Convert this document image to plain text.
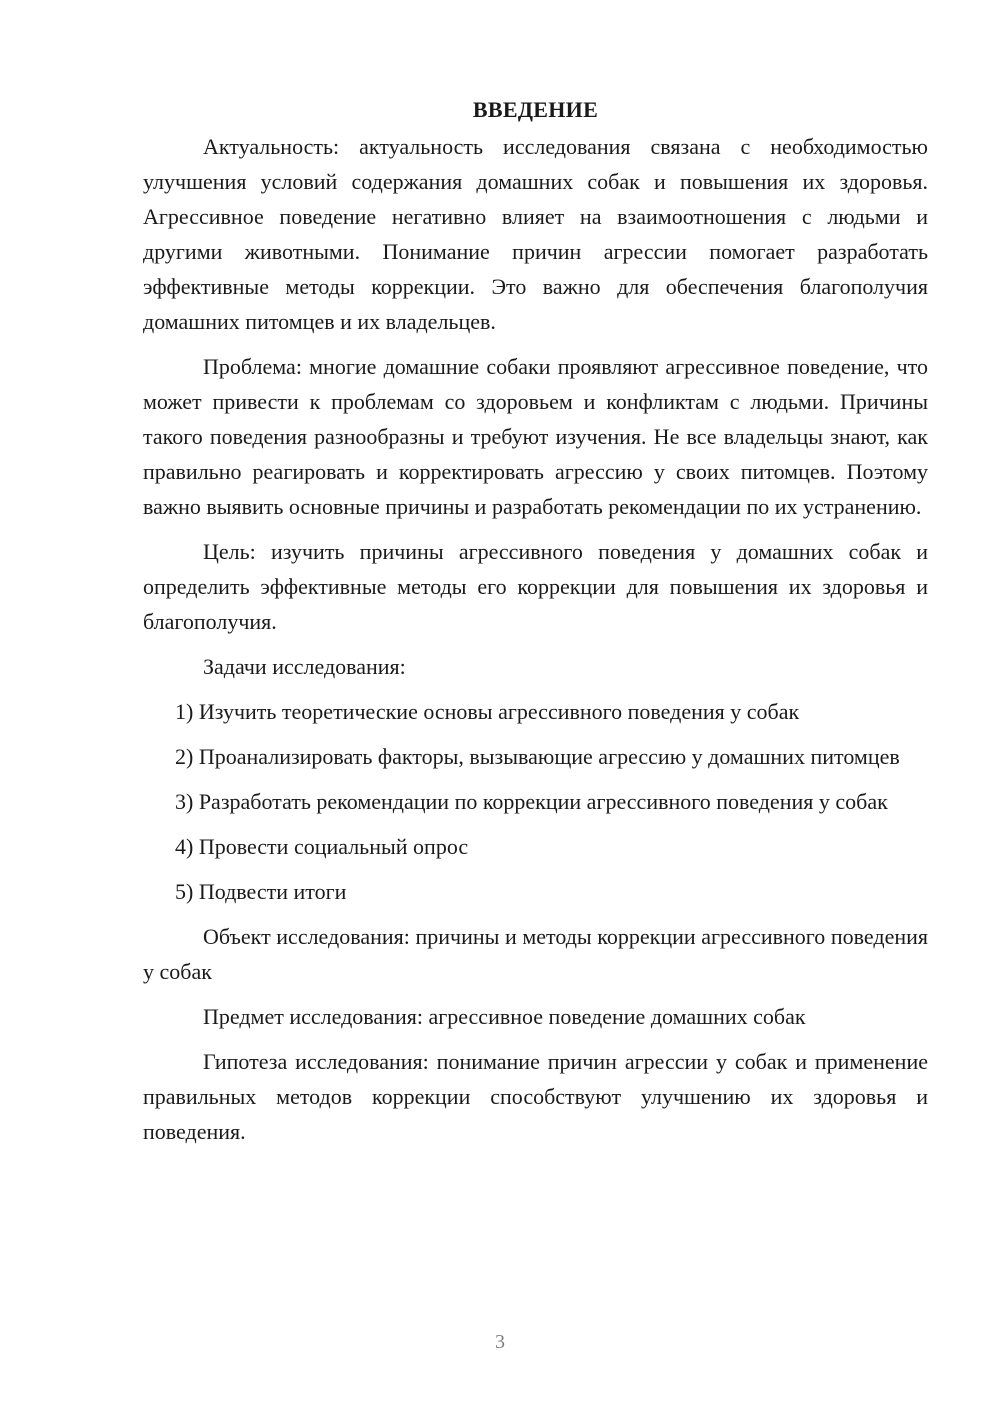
ВВЕДЕНИЕ

Актуальность: актуальность исследования связана с необходимостью улучшения условий содержания домашних собак и повышения их здоровья. Агрессивное поведение негативно влияет на взаимоотношения с людьми и другими животными. Понимание причин агрессии помогает разработать эффективные методы коррекции. Это важно для обеспечения благополучия домашних питомцев и их владельцев.

Проблема: многие домашние собаки проявляют агрессивное поведение, что может привести к проблемам со здоровьем и конфликтам с людьми. Причины такого поведения разнообразны и требуют изучения. Не все владельцы знают, как правильно реагировать и корректировать агрессию у своих питомцев. Поэтому важно выявить основные причины и разработать рекомендации по их устранению.

Цель: изучить причины агрессивного поведения у домашних собак и определить эффективные методы его коррекции для повышения их здоровья и благополучия.

Задачи исследования:

1) Изучить теоретические основы агрессивного поведения у собак

2) Проанализировать факторы, вызывающие агрессию у домашних питомцев

3) Разработать рекомендации по коррекции агрессивного поведения у собак

4) Провести социальный опрос

5) Подвести итоги

Объект исследования: причины и методы коррекции агрессивного поведения у собак

Предмет исследования: агрессивное поведение домашних собак

Гипотеза исследования: понимание причин агрессии у собак и применение правильных методов коррекции способствуют улучшению их здоровья и поведения.

3
